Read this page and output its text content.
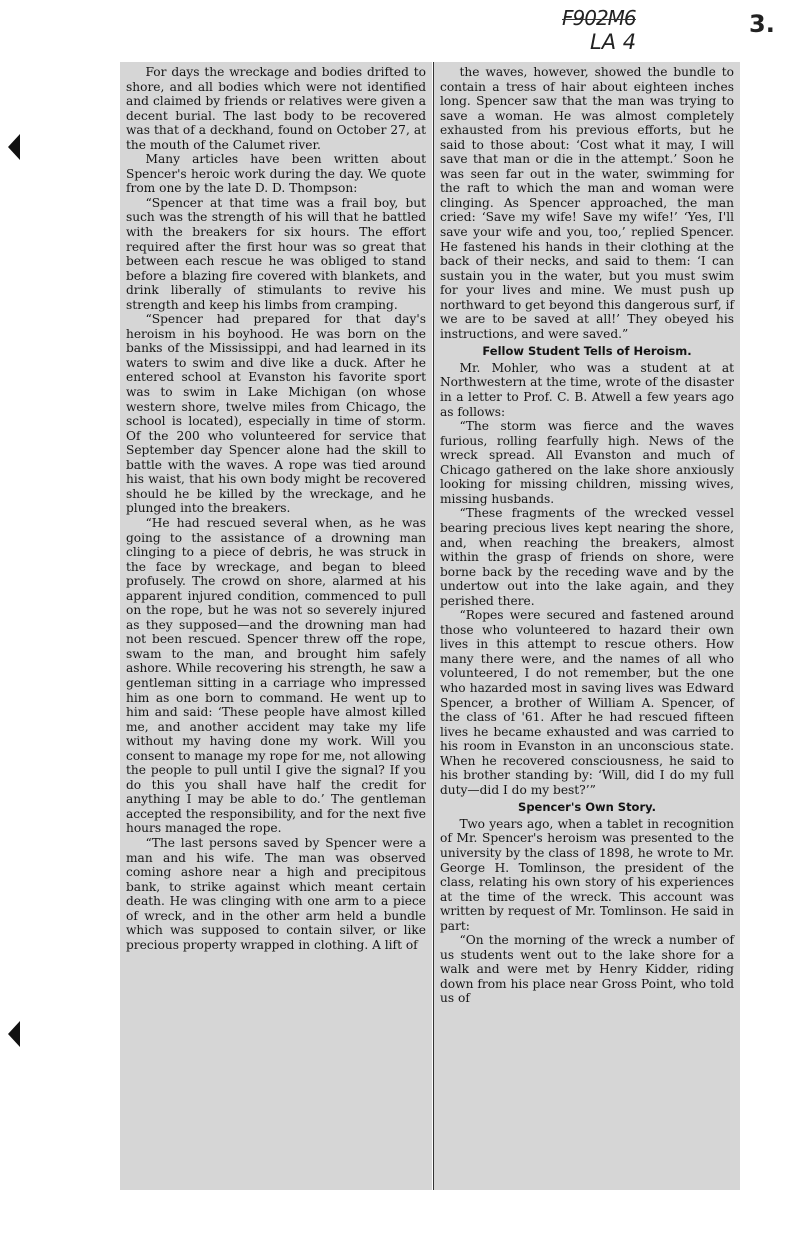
F902M6
LA 4
3.

For days the wreckage and bodies drifted to shore, and all bodies which were not identified and claimed by friends or relatives were given a decent burial. The last body to be recovered was that of a deckhand, found on October 27, at the mouth of the Calumet river.

Many articles have been written about Spencer's heroic work during the day. We quote from one by the late D. D. Thompson:

“Spencer at that time was a frail boy, but such was the strength of his will that he battled with the breakers for six hours. The effort required after the first hour was so great that between each rescue he was obliged to stand before a blazing fire covered with blankets, and drink liberally of stimulants to revive his strength and keep his limbs from cramping.

“Spencer had prepared for that day's heroism in his boyhood. He was born on the banks of the Mississippi, and had learned in its waters to swim and dive like a duck. After he entered school at Evanston his favorite sport was to swim in Lake Michigan (on whose western shore, twelve miles from Chicago, the school is located), especially in time of storm. Of the 200 who volunteered for service that September day Spencer alone had the skill to battle with the waves. A rope was tied around his waist, that his own body might be recovered should he be killed by the wreckage, and he plunged into the breakers.

“He had rescued several when, as he was going to the assistance of a drowning man clinging to a piece of debris, he was struck in the face by wreckage, and began to bleed profusely. The crowd on shore, alarmed at his apparent injured condition, commenced to pull on the rope, but he was not so severely injured as they supposed—and the drowning man had not been rescued. Spencer threw off the rope, swam to the man, and brought him safely ashore. While recovering his strength, he saw a gentleman sitting in a carriage who impressed him as one born to command. He went up to him and said: ‘These people have almost killed me, and another accident may take my life without my having done my work. Will you consent to manage my rope for me, not allowing the people to pull until I give the signal? If you do this you shall have half the credit for anything I may be able to do.’ The gentleman accepted the responsibility, and for the next five hours managed the rope.

“The last persons saved by Spencer were a man and his wife. The man was observed coming ashore near a high and precipitous bank, to strike against which meant certain death. He was clinging with one arm to a piece of wreck, and in the other arm held a bundle which was supposed to contain silver, or like precious property wrapped in clothing. A lift of

the waves, however, showed the bundle to contain a tress of hair about eighteen inches long. Spencer saw that the man was trying to save a woman. He was almost completely exhausted from his previous efforts, but he said to those about: ‘Cost what it may, I will save that man or die in the attempt.’ Soon he was seen far out in the water, swimming for the raft to which the man and woman were clinging. As Spencer approached, the man cried: ‘Save my wife! Save my wife!’ ‘Yes, I'll save your wife and you, too,’ replied Spencer. He fastened his hands in their clothing at the back of their necks, and said to them: ‘I can sustain you in the water, but you must swim for your lives and mine. We must push up northward to get beyond this dangerous surf, if we are to be saved at all!’ They obeyed his instructions, and were saved.”

Fellow Student Tells of Heroism.

Mr. Mohler, who was a student at at Northwestern at the time, wrote of the disaster in a letter to Prof. C. B. Atwell a few years ago as follows:

“The storm was fierce and the waves furious, rolling fearfully high. News of the wreck spread. All Evanston and much of Chicago gathered on the lake shore anxiously looking for missing children, missing wives, missing husbands.

“These fragments of the wrecked vessel bearing precious lives kept nearing the shore, and, when reaching the breakers, almost within the grasp of friends on shore, were borne back by the receding wave and by the undertow out into the lake again, and they perished there.

“Ropes were secured and fastened around those who volunteered to hazard their own lives in this attempt to rescue others. How many there were, and the names of all who volunteered, I do not remember, but the one who hazarded most in saving lives was Edward Spencer, a brother of William A. Spencer, of the class of '61. After he had rescued fifteen lives he became exhausted and was carried to his room in Evanston in an unconscious state. When he recovered consciousness, he said to his brother standing by: ‘Will, did I do my full duty—did I do my best?’”

Spencer's Own Story.

Two years ago, when a tablet in recognition of Mr. Spencer's heroism was presented to the university by the class of 1898, he wrote to Mr. George H. Tomlinson, the president of the class, relating his own story of his experiences at the time of the wreck. This account was written by request of Mr. Tomlinson. He said in part:

“On the morning of the wreck a number of us students went out to the lake shore for a walk and were met by Henry Kidder, riding down from his place near Gross Point, who told us of
